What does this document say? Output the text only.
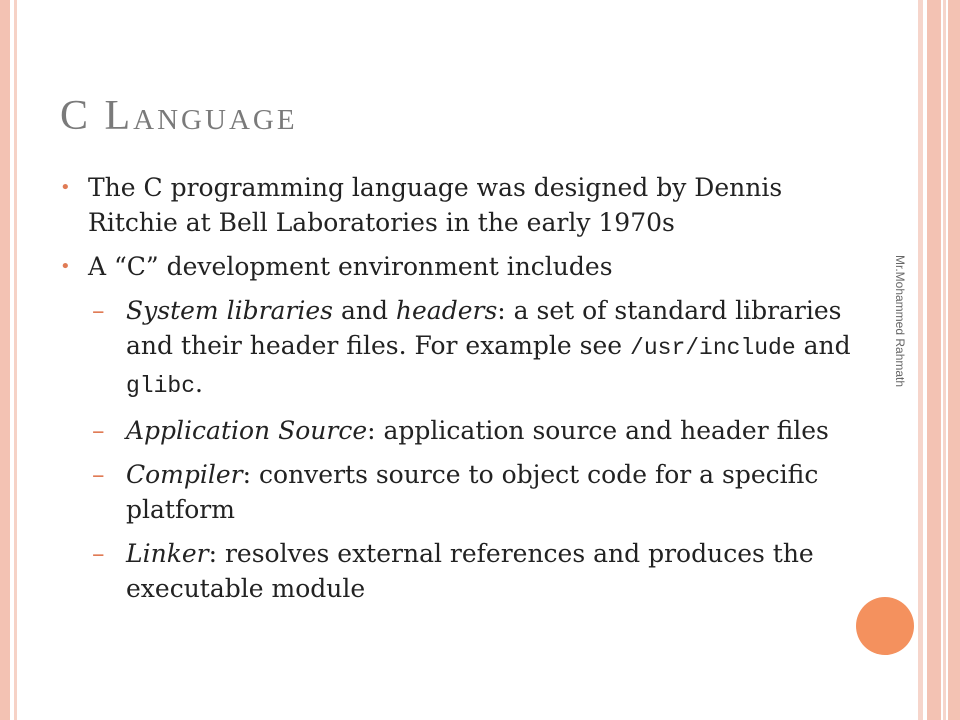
C Language
• The C programming language was designed by Dennis Ritchie at Bell Laboratories in the early 1970s
• A “C” development environment includes
– System libraries and headers: a set of standard libraries and their header files. For example see /usr/include and glibc.
– Application Source: application source and header files
– Compiler: converts source to object code for a specific platform
– Linker: resolves external references and produces the executable module
Mr.Mohammed Rahmath
